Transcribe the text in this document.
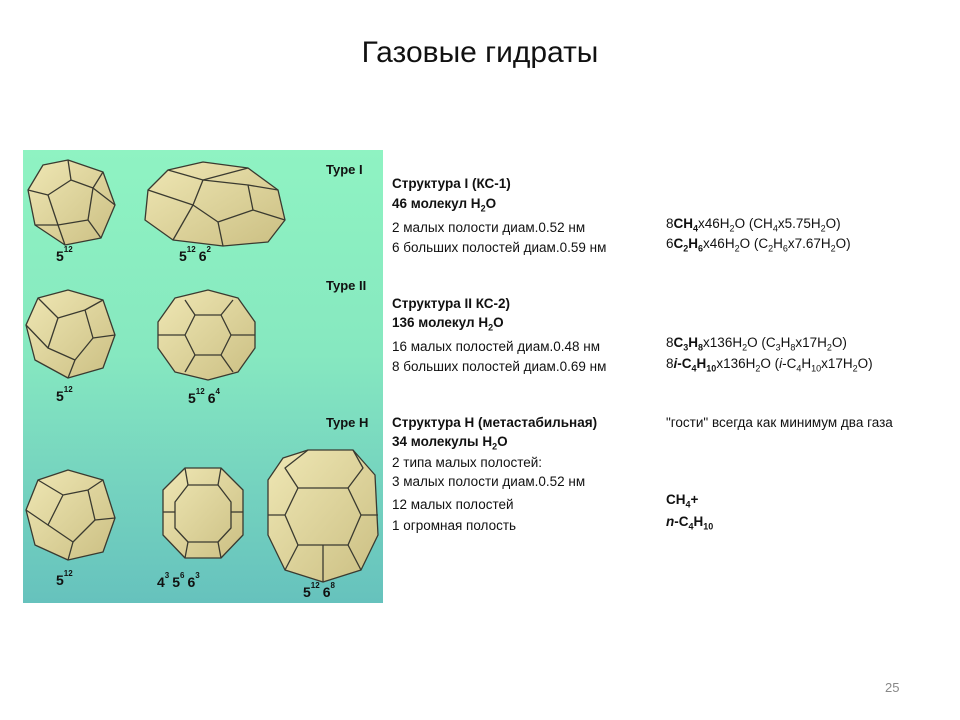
Газовые гидраты
Type I
Type II
Type H
$5^{12}$	$5^{12}$ $6^2$
$5^{12}$
$5^{12}$ $6^4$
$5^{12}$
$4^3$ $5^6$ $6^3$
$5^{12}$ $6^8$
Структура I (КС-1)
46 молекул $H_2O$
2 малых полости диам.0.52 нм
6 больших полостей диам.0.59 нм
$8CH_4x46H_2O$ $(CH_4x5.75H_2O)$
$6C_2H_6x46H_2O$ $(C_2H_6x7.67H_2O)$
Структура II КС-2)
136 молекул $H_2O$
16 малых полостей диам.0.48 нм
8 больших полостей диам.0.69 нм
$8C_3H_8x136H_2O$ $(C_3H_8x17H_2O)$
$8i-C_4H_{10}x136H_2O$ $(i-C_4H_{10}x17H_2O)$
Структура H (метастабильная)
34 молекулы $H_2O$
2 типа малых полостей:
3 малых полости диам.0.52 нм
12 малых полостей
1 огромная полость
"гости" всегда как минимум два газа
$CH_4+$
$n-C_4H_{10}$
25
